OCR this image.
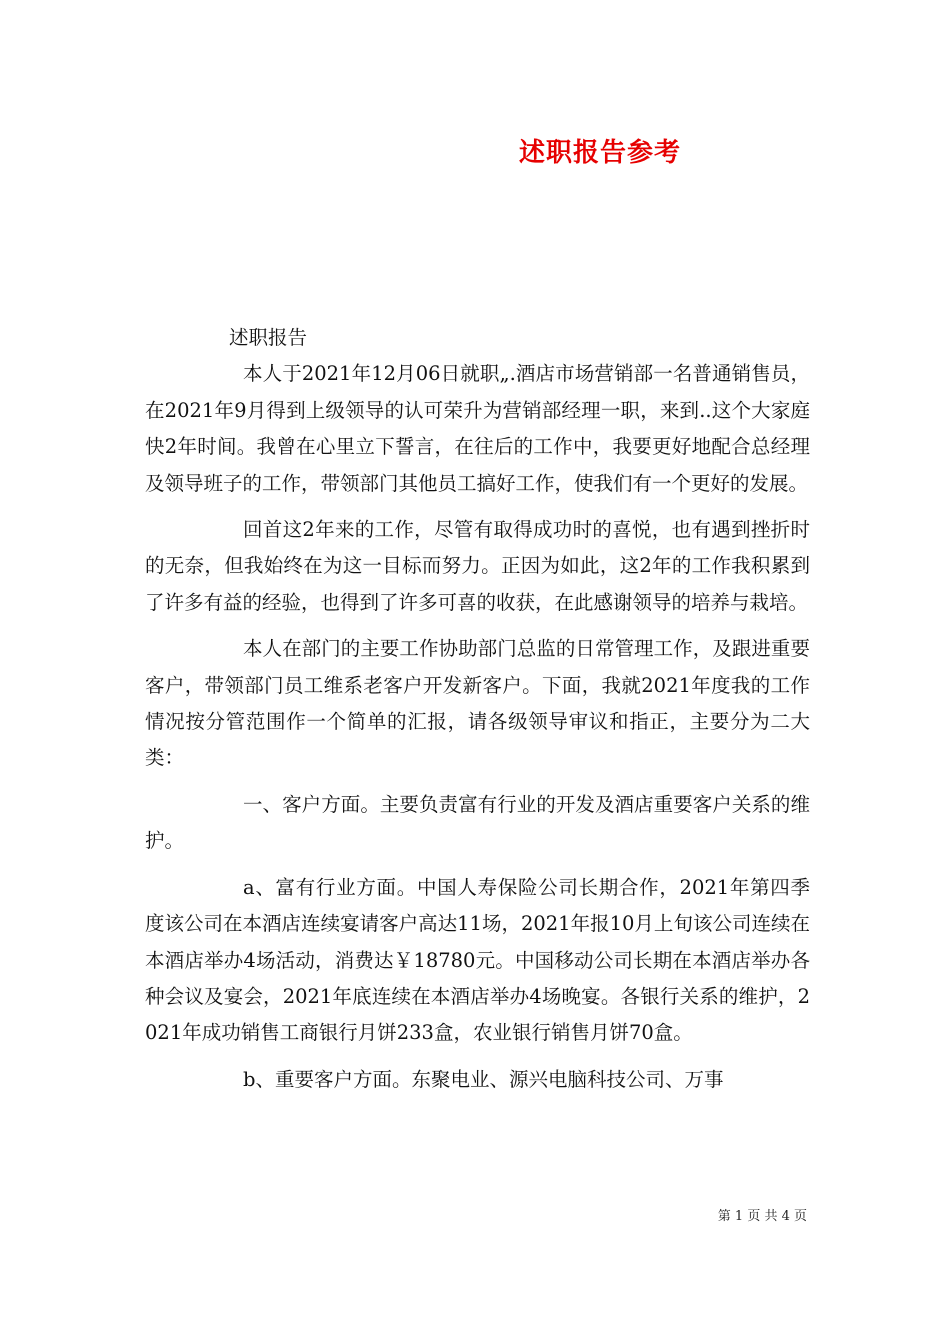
述职报告参考

述职报告

本人于2021年12月06日就职„.酒店市场营销部一名普通销售员，在2021年9月得到上级领导的认可荣升为营销部经理一职，来到..这个大家庭快2年时间。我曾在心里立下誓言，在往后的工作中，我要更好地配合总经理及领导班子的工作，带领部门其他员工搞好工作，使我们有一个更好的发展。

回首这2年来的工作，尽管有取得成功时的喜悦，也有遇到挫折时的无奈，但我始终在为这一目标而努力。正因为如此，这2年的工作我积累到了许多有益的经验，也得到了许多可喜的收获，在此感谢领导的培养与栽培。

本人在部门的主要工作协助部门总监的日常管理工作，及跟进重要客户，带领部门员工维系老客户开发新客户。下面，我就2021年度我的工作情况按分管范围作一个简单的汇报，请各级领导审议和指正，主要分为二大类：

一、客户方面。主要负责富有行业的开发及酒店重要客户关系的维护。

a、富有行业方面。中国人寿保险公司长期合作，2021年第四季度该公司在本酒店连续宴请客户高达11场，2021年报10月上旬该公司连续在本酒店举办4场活动，消费达￥18780元。中国移动公司长期在本酒店举办各种会议及宴会，2021年底连续在本酒店举办4场晚宴。各银行关系的维护，2021年成功销售工商银行月饼233盒，农业银行销售月饼70盒。

b、重要客户方面。东聚电业、源兴电脑科技公司、万事

第 1 页 共 4 页
